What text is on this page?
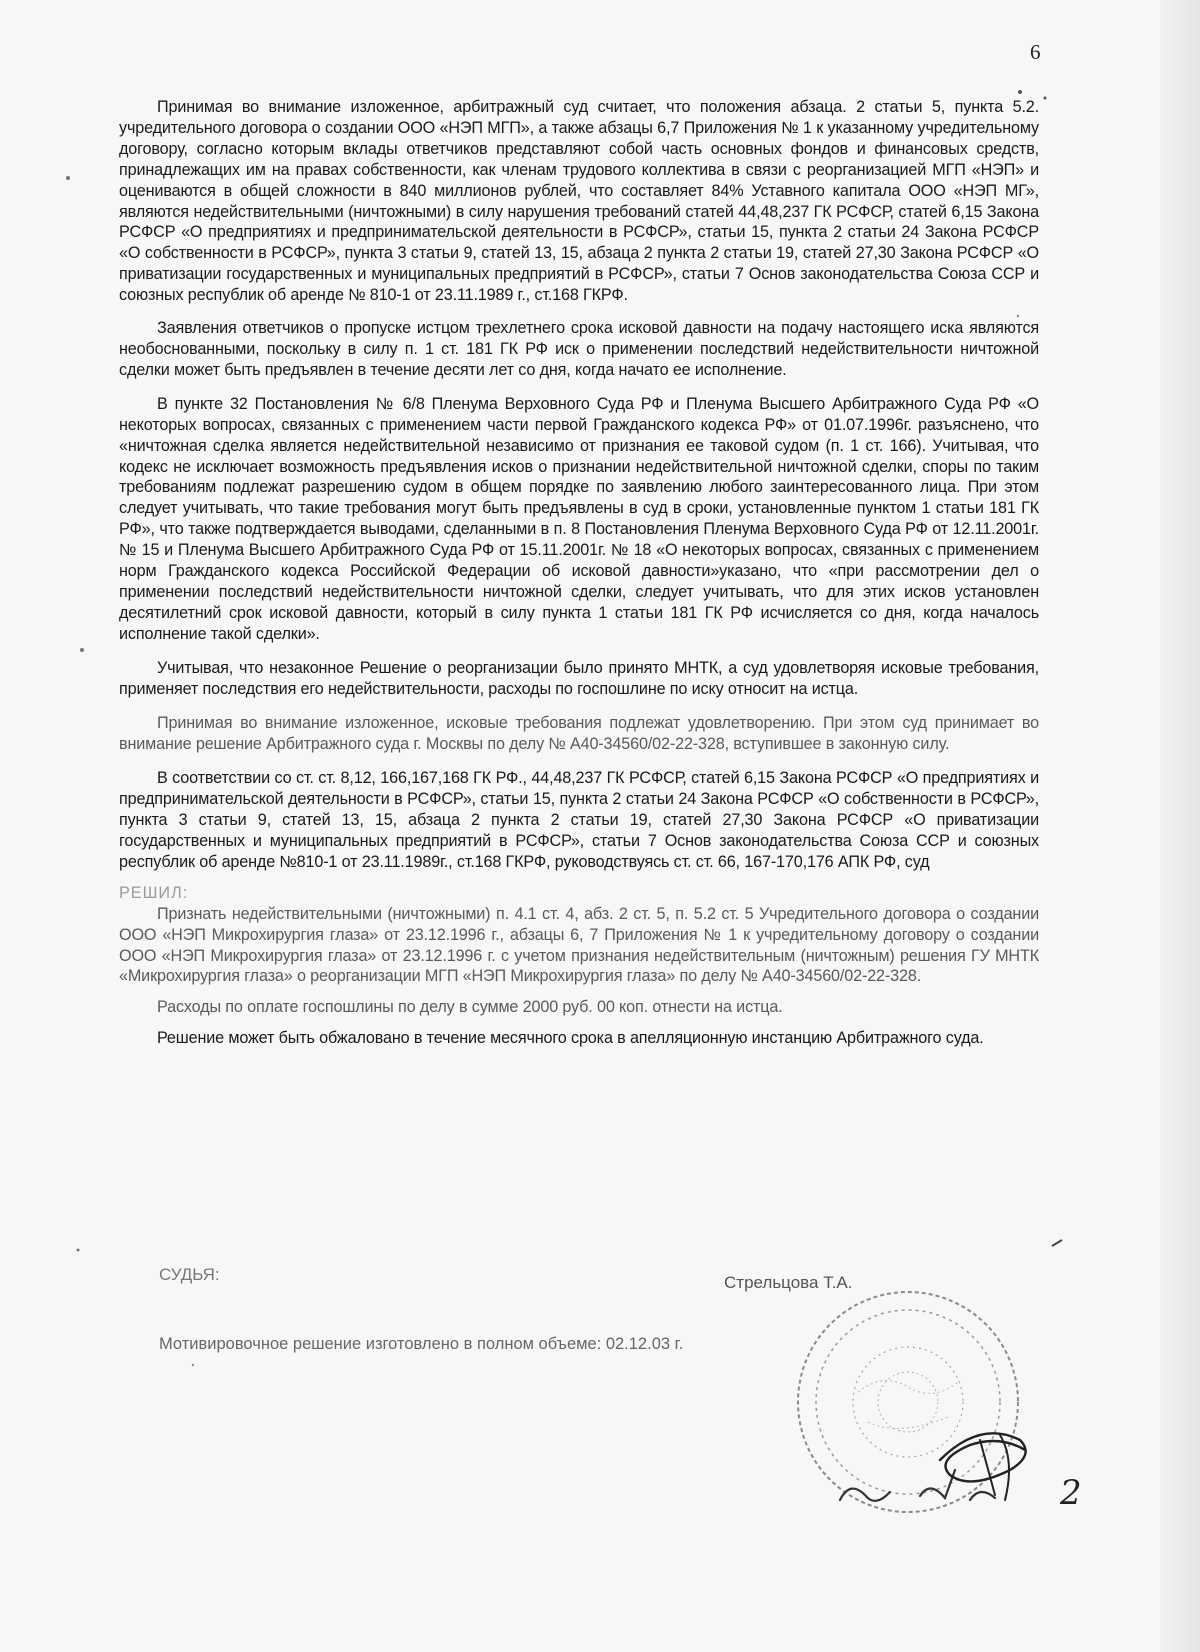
6

Принимая во внимание изложенное, арбитражный суд считает, что положения абзаца. 2 статьи 5, пункта 5.2. учредительного договора о создании ООО «НЭП МГП», а также абзацы 6,7 Приложения № 1 к указанному учредительному договору, согласно которым вклады ответчиков представляют собой часть основных фондов и финансовых средств, принадлежащих им на правах собственности, как членам трудового коллектива в связи с реорганизацией МГП «НЭП» и оцениваются в общей сложности в 840 миллионов рублей, что составляет 84% Уставного капитала ООО «НЭП МГ», являются недействительными (ничтожными) в силу нарушения требований статей 44,48,237 ГК РСФСР, статей 6,15 Закона РСФСР «О предприятиях и предпринимательской деятельности в РСФСР», статьи 15, пункта 2 статьи 24 Закона РСФСР «О собственности в РСФСР», пункта 3 статьи 9, статей 13, 15, абзаца 2 пункта 2 статьи 19, статей 27,30 Закона РСФСР «О приватизации государственных и муниципальных предприятий в РСФСР», статьи 7 Основ законодательства Союза ССР и союзных республик об аренде № 810-1 от 23.11.1989 г., ст.168 ГКРФ.

Заявления ответчиков о пропуске истцом трехлетнего срока исковой давности на подачу настоящего иска являются необоснованными, поскольку в силу п. 1 ст. 181 ГК РФ иск о применении последствий недействительности ничтожной сделки может быть предъявлен в течение десяти лет со дня, когда начато ее исполнение.

В пункте 32 Постановления № 6/8 Пленума Верховного Суда РФ и Пленума Высшего Арбитражного Суда РФ «О некоторых вопросах, связанных с применением части первой Гражданского кодекса РФ» от 01.07.1996г. разъяснено, что «ничтожная сделка является недействительной независимо от признания ее таковой судом (п. 1 ст. 166). Учитывая, что кодекс не исключает возможность предъявления исков о признании недействительной ничтожной сделки, споры по таким требованиям подлежат разрешению судом в общем порядке по заявлению любого заинтересованного лица. При этом следует учитывать, что такие требования могут быть предъявлены в суд в сроки, установленные пунктом 1 статьи 181 ГК РФ», что также подтверждается выводами, сделанными в п. 8 Постановления Пленума Верховного Суда РФ от 12.11.2001г. № 15 и Пленума Высшего Арбитражного Суда РФ от 15.11.2001г. № 18 «О некоторых вопросах, связанных с применением норм Гражданского кодекса Российской Федерации об исковой давности»указано, что «при рассмотрении дел о применении последствий недействительности ничтожной сделки, следует учитывать, что для этих исков установлен десятилетний срок исковой давности, который в силу пункта 1 статьи 181 ГК РФ исчисляется со дня, когда началось исполнение такой сделки».

Учитывая, что незаконное Решение о реорганизации было принято МНТК, а суд удовлетворяя исковые требования, применяет последствия его недействительности, расходы по госпошлине по иску относит на истца.

Принимая во внимание изложенное, исковые требования подлежат удовлетворению. При этом суд принимает во внимание решение Арбитражного суда г. Москвы по делу № А40-34560/02-22-328, вступившее в законную силу.

В соответствии со ст. ст. 8,12, 166,167,168 ГК РФ., 44,48,237 ГК РСФСР, статей 6,15 Закона РСФСР «О предприятиях и предпринимательской деятельности в РСФСР», статьи 15, пункта 2 статьи 24 Закона РСФСР «О собственности в РСФСР», пункта 3 статьи 9, статей 13, 15, абзаца 2 пункта 2 статьи 19, статей 27,30 Закона РСФСР «О приватизации государственных и муниципальных предприятий в РСФСР», статьи 7 Основ законодательства Союза ССР и союзных республик об аренде №810-1 от 23.11.1989г., ст.168 ГКРФ, руководствуясь ст. ст. 66, 167-170,176 АПК РФ, суд

РЕШИЛ:

Признать недействительными (ничтожными) п. 4.1 ст. 4, абз. 2 ст. 5, п. 5.2 ст. 5 Учредительного договора о создании ООО «НЭП Микрохирургия глаза» от 23.12.1996 г., абзацы 6, 7 Приложения № 1 к учредительному договору о создании ООО «НЭП Микрохирургия глаза» от 23.12.1996 г. с учетом признания недействительным (ничтожным) решения ГУ МНТК «Микрохирургия глаза» о реорганизации МГП «НЭП Микрохирургия глаза» по делу № А40-34560/02-22-328.

Расходы по оплате госпошлины по делу в сумме 2000 руб. 00 коп. отнести на истца.

Решение может быть обжаловано в течение месячного срока в апелляционную инстанцию Арбитражного суда.

СУДЬЯ:	Стрельцова Т.А.
Мотивировочное решение изготовлено в полном объеме: 02.12.03 г.
2
